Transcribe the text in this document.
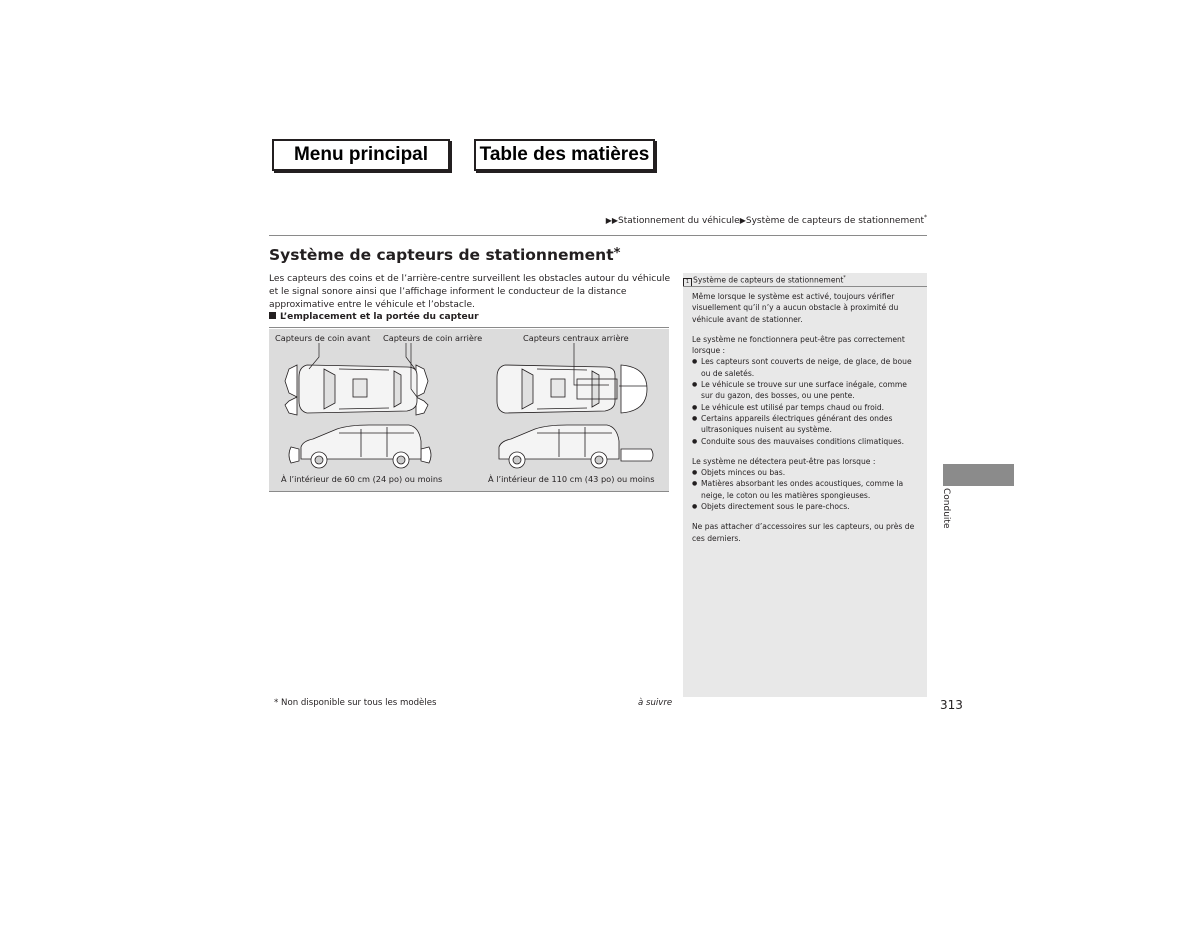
Menu principal	Table des matières
▶▶Stationnement du véhicule▶Système de capteurs de stationnement*
Système de capteurs de stationnement*
Les capteurs des coins et de l’arrière-centre surveillent les obstacles autour du véhicule et le signal sonore ainsi que l’affichage informent le conducteur de la distance approximative entre le véhicule et l’obstacle.
L’emplacement et la portée du capteur
Capteurs de coin avant Capteurs de coin arrière	Capteurs centraux arrière
À l’intérieur de 60 cm (24 po) ou moins	À l’intérieur de 110 cm (43 po) ou moins
1 Système de capteurs de stationnement*

Même lorsque le système est activé, toujours vérifier visuellement qu’il n’y a aucun obstacle à proximité du véhicule avant de stationner.

Le système ne fonctionnera peut-être pas correctement lorsque :

● Les capteurs sont couverts de neige, de glace, de boue ou de saletés.
● Le véhicule se trouve sur une surface inégale, comme sur du gazon, des bosses, ou une pente.
● Le véhicule est utilisé par temps chaud ou froid.
● Certains appareils électriques générant des ondes ultrasoniques nuisent au système.
● Conduite sous des mauvaises conditions climatiques.

Le système ne détectera peut-être pas lorsque :

● Objets minces ou bas.
● Matières absorbant les ondes acoustiques, comme la neige, le coton ou les matières spongieuses.
● Objets directement sous le pare-chocs.

Ne pas attacher d’accessoires sur les capteurs, ou près de ces derniers.

Conduite
* Non disponible sur tous les modèles	à suivre	313
